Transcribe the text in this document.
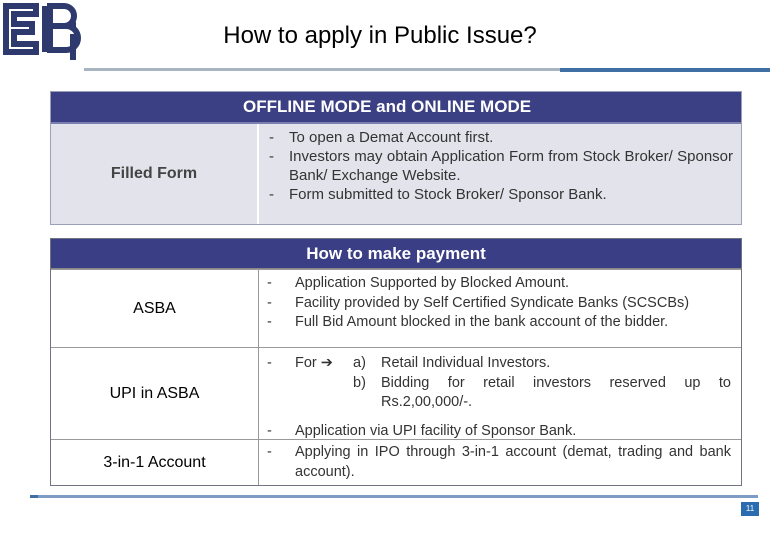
How to apply in Public Issue?
OFFLINE MODE and ONLINE MODE
Filled Form
-	To open a Demat Account first.
-	Investors may obtain Application Form from Stock Broker/ Sponsor Bank/ Exchange Website.
-	Form submitted to Stock Broker/ Sponsor Bank.
How to make payment
ASBA
-	Application Supported by Blocked Amount.
-	Facility provided by Self Certified Syndicate Banks (SCSCBs)
-	Full Bid Amount blocked in the bank account of the bidder.
UPI in ASBA
-	For ➔	a)	Retail Individual Investors.
b)	Bidding for retail investors reserved up to Rs.2,00,000/-.
-	Application via UPI facility of Sponsor Bank.
3-in-1 Account
-	Applying in IPO through 3-in-1 account (demat, trading and bank account).
11
